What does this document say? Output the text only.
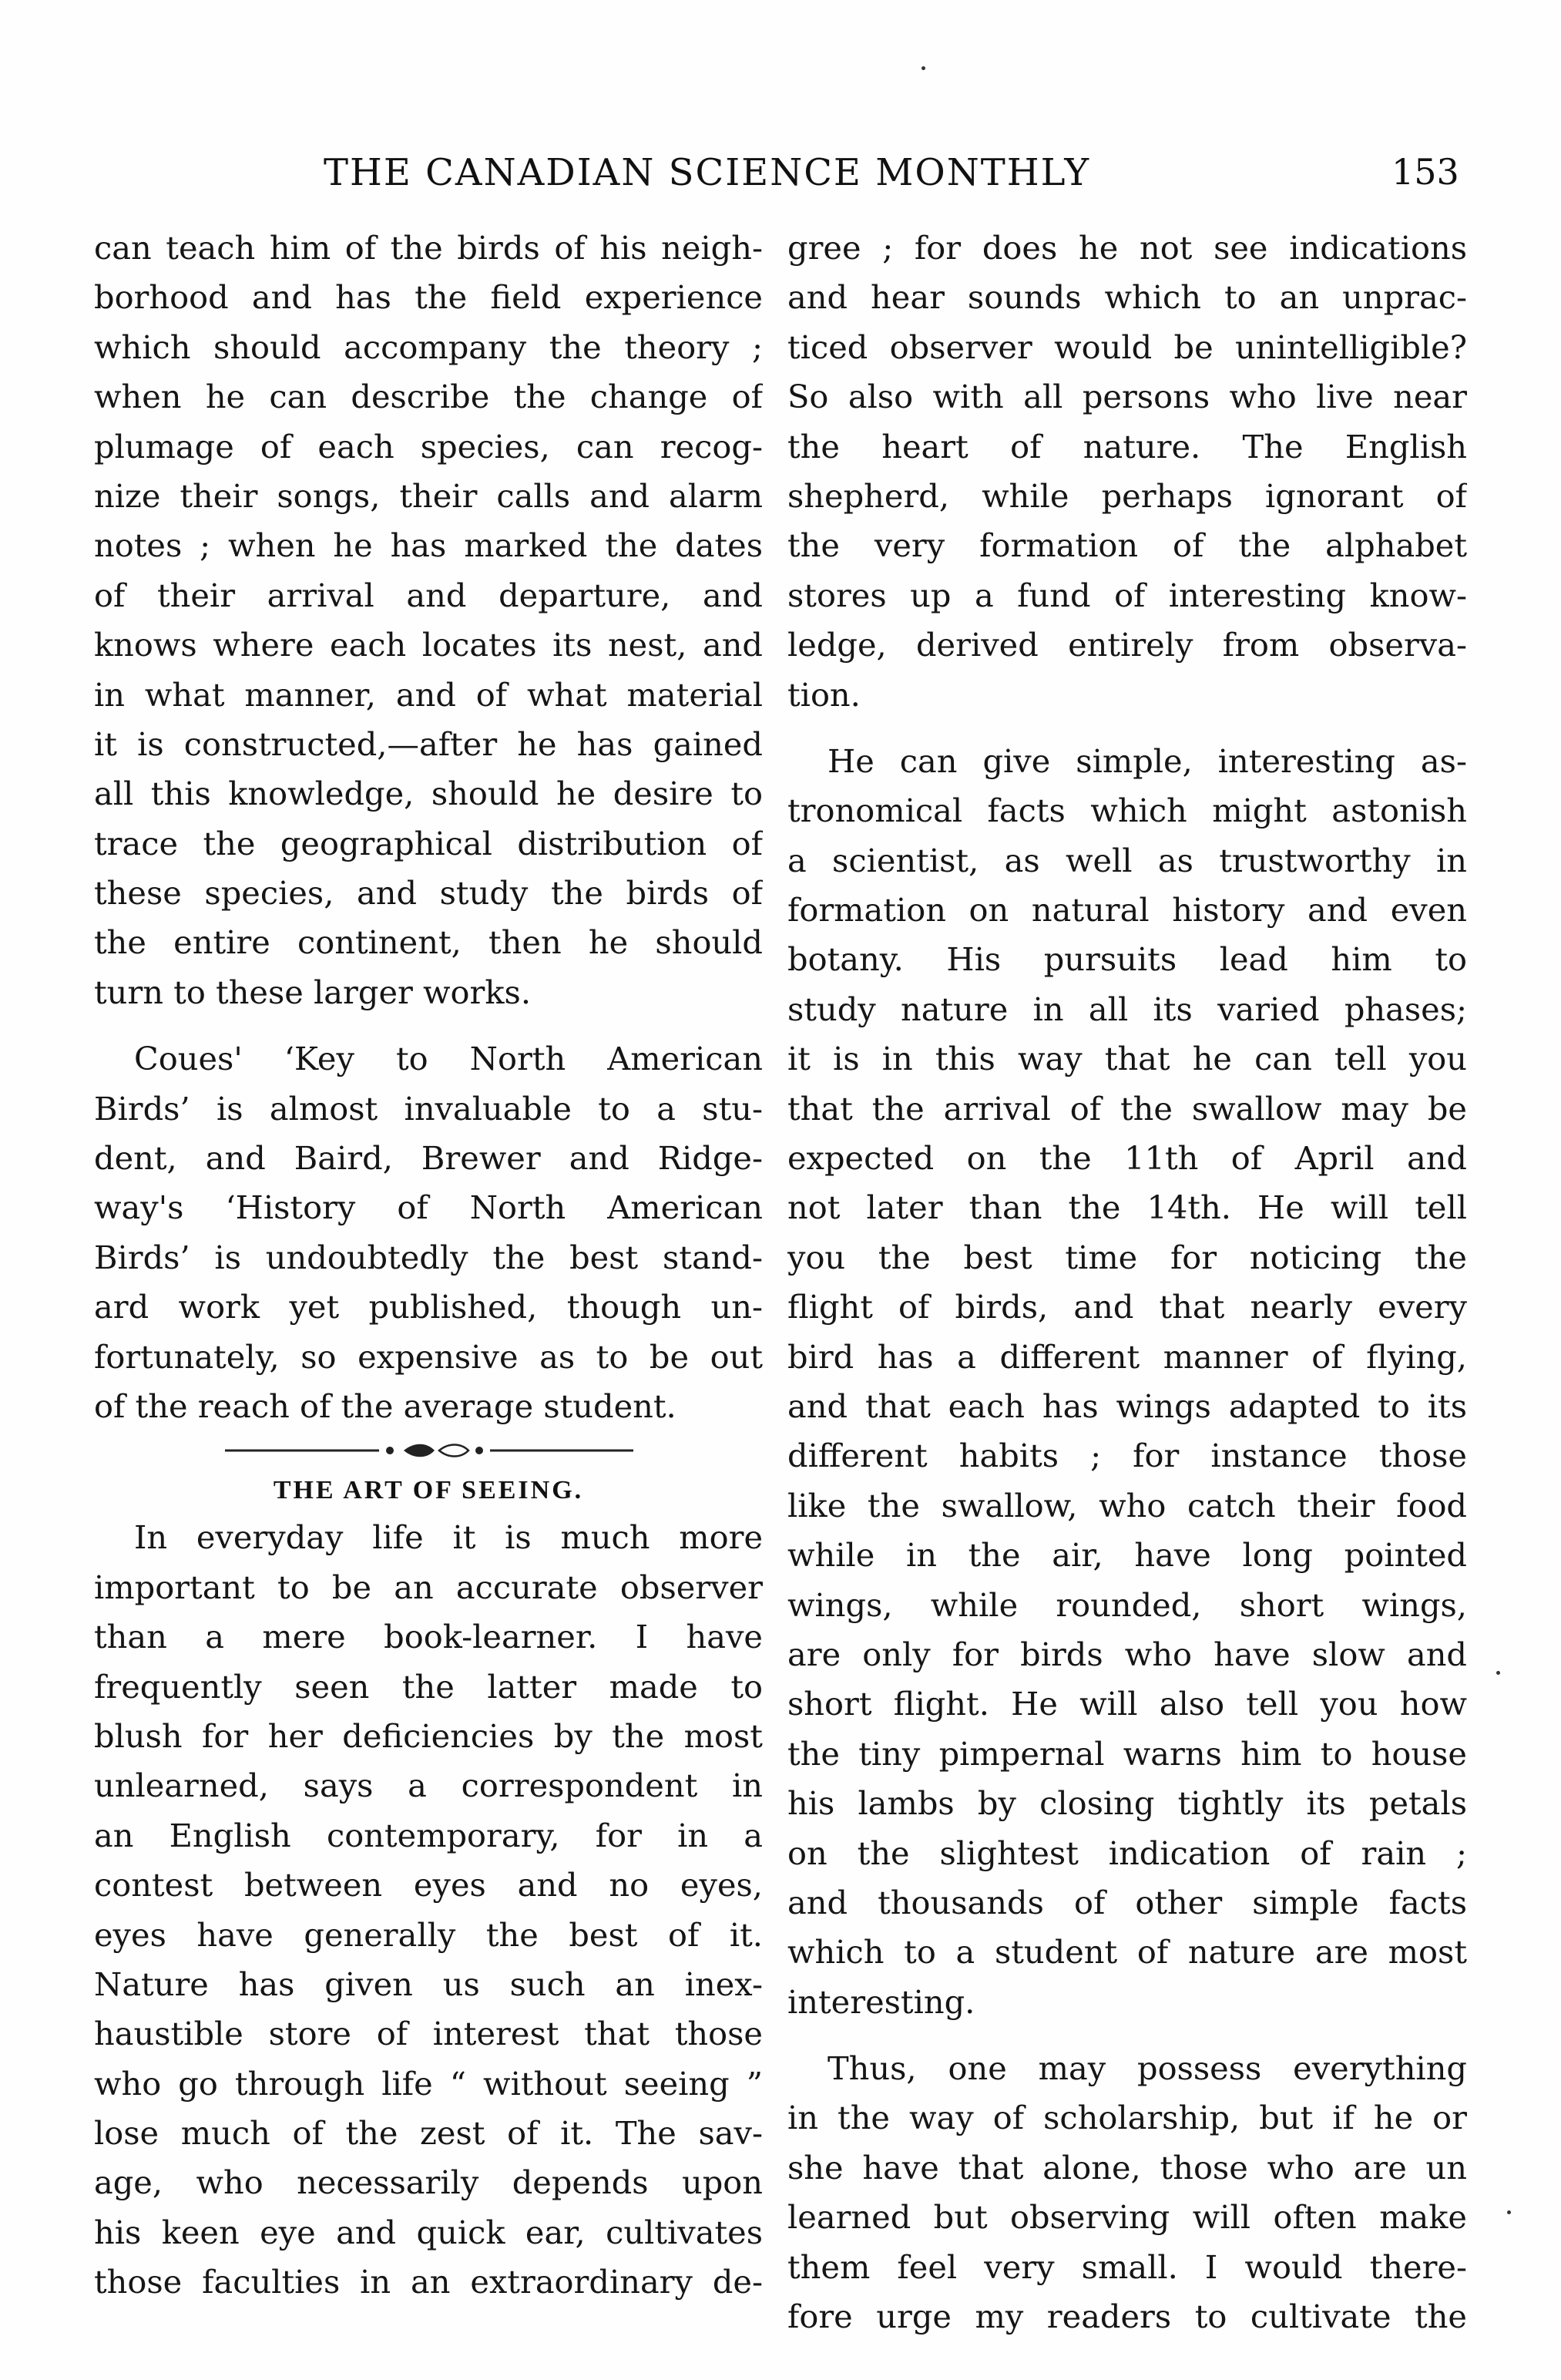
THE CANADIAN SCIENCE MONTHLY	153
can teach him of the birds of his neigh-
borhood and has the field experience
which should accompany the theory ;
when he can describe the change of
plumage of each species, can recog-
nize their songs, their calls and alarm
notes ; when he has marked the dates
of their arrival and departure, and
knows where each locates its nest, and
in what manner, and of what material
it is constructed,—after he has gained
all this knowledge, should he desire to
trace the geographical distribution of
these species, and study the birds of
the entire continent, then he should
turn to these larger works.
Coues' ‘Key to North American
Birds’ is almost invaluable to a stu-
dent, and Baird, Brewer and Ridge-
way's ‘History of North American
Birds’ is undoubtedly the best stand-
ard work yet published, though un-
fortunately, so expensive as to be out
of the reach of the average student.
THE ART OF SEEING.
In everyday life it is much more
important to be an accurate observer
than a mere book-learner. I have
frequently seen the latter made to
blush for her deficiencies by the most
unlearned, says a correspondent in
an English contemporary, for in a
contest between eyes and no eyes,
eyes have generally the best of it.
Nature has given us such an inex-
haustible store of interest that those
who go through life “ without seeing ”
lose much of the zest of it. The sav-
age, who necessarily depends upon
his keen eye and quick ear, cultivates
those faculties in an extraordinary de-
gree ; for does he not see indications
and hear sounds which to an unprac-
ticed observer would be unintelligible?
So also with all persons who live near
the heart of nature. The English
shepherd, while perhaps ignorant of
the very formation of the alphabet
stores up a fund of interesting know-
ledge, derived entirely from observa-
tion.
He can give simple, interesting as-
tronomical facts which might astonish
a scientist, as well as trustworthy in
formation on natural history and even
botany. His pursuits lead him to
study nature in all its varied phases;
it is in this way that he can tell you
that the arrival of the swallow may be
expected on the 11th of April and
not later than the 14th. He will tell
you the best time for noticing the
flight of birds, and that nearly every
bird has a different manner of flying,
and that each has wings adapted to its
different habits ; for instance those
like the swallow, who catch their food
while in the air, have long pointed
wings, while rounded, short wings,
are only for birds who have slow and
short flight. He will also tell you how
the tiny pimpernal warns him to house
his lambs by closing tightly its petals
on the slightest indication of rain ;
and thousands of other simple facts
which to a student of nature are most
interesting.
Thus, one may possess everything
in the way of scholarship, but if he or
she have that alone, those who are un
learned but observing will often make
them feel very small. I would there-
fore urge my readers to cultivate the
